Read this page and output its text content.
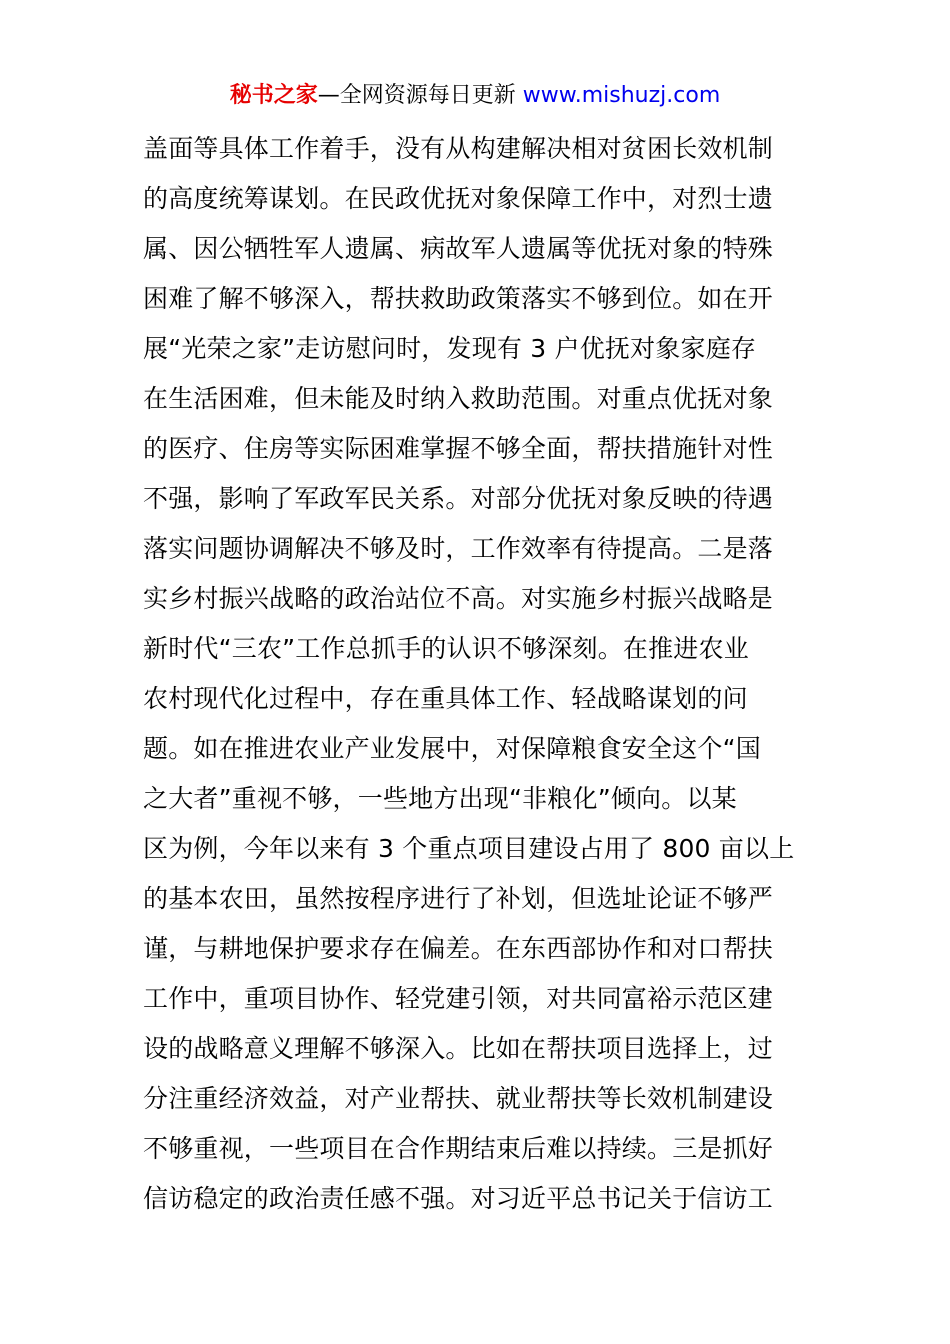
秘书之家—全网资源每日更新 www.mishuzj.com
盖面等具体工作着手，没有从构建解决相对贫困长效机制
的高度统筹谋划。在民政优抚对象保障工作中，对烈士遗
属、因公牺牲军人遗属、病故军人遗属等优抚对象的特殊
困难了解不够深入，帮扶救助政策落实不够到位。如在开
展“光荣之家”走访慰问时，发现有 3 户优抚对象家庭存
在生活困难，但未能及时纳入救助范围。对重点优抚对象
的医疗、住房等实际困难掌握不够全面，帮扶措施针对性
不强，影响了军政军民关系。对部分优抚对象反映的待遇
落实问题协调解决不够及时，工作效率有待提高。二是落
实乡村振兴战略的政治站位不高。对实施乡村振兴战略是
新时代“三农”工作总抓手的认识不够深刻。在推进农业
农村现代化过程中，存在重具体工作、轻战略谋划的问
题。如在推进农业产业发展中，对保障粮食安全这个“国
之大者”重视不够，一些地方出现“非粮化”倾向。以某
区为例，今年以来有 3 个重点项目建设占用了 800 亩以上
的基本农田，虽然按程序进行了补划，但选址论证不够严
谨，与耕地保护要求存在偏差。在东西部协作和对口帮扶
工作中，重项目协作、轻党建引领，对共同富裕示范区建
设的战略意义理解不够深入。比如在帮扶项目选择上，过
分注重经济效益，对产业帮扶、就业帮扶等长效机制建设
不够重视，一些项目在合作期结束后难以持续。三是抓好
信访稳定的政治责任感不强。对习近平总书记关于信访工
